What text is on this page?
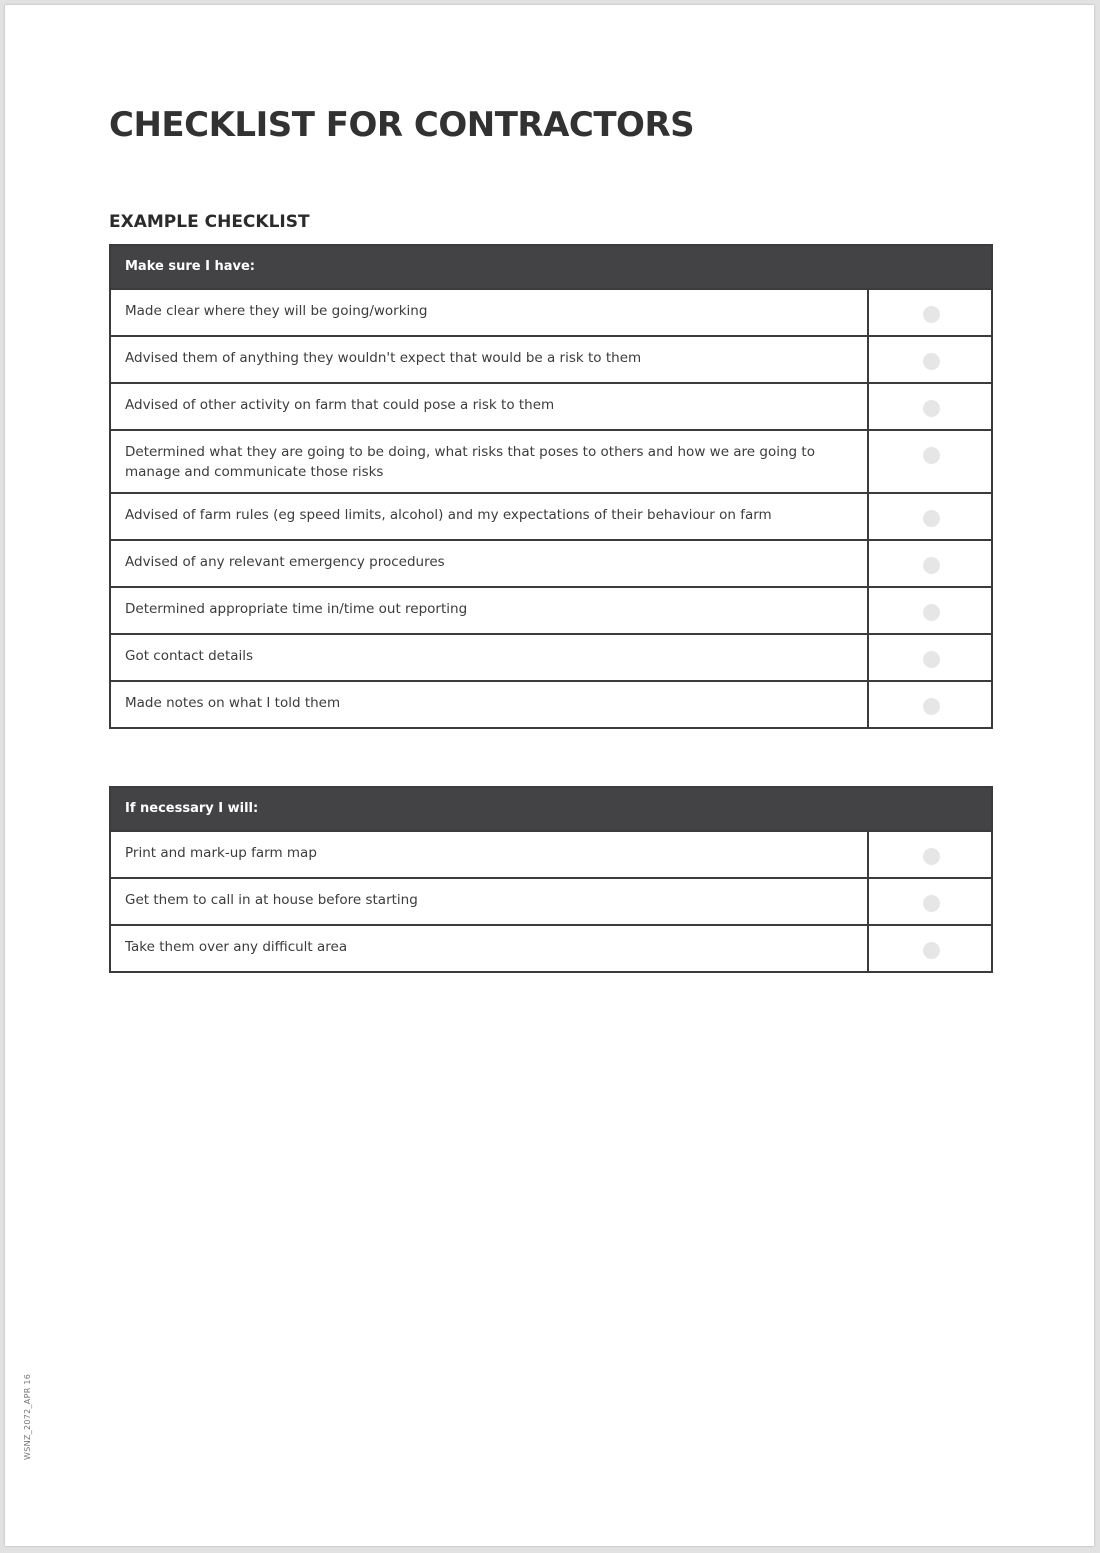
CHECKLIST FOR CONTRACTORS
EXAMPLE CHECKLIST
Make sure I have:
Made clear where they will be going/working
Advised them of anything they wouldn't expect that would be a risk to them
Advised of other activity on farm that could pose a risk to them
Determined what they are going to be doing, what risks that poses to others and how we are going to manage and communicate those risks
Advised of farm rules (eg speed limits, alcohol) and my expectations of their behaviour on farm
Advised of any relevant emergency procedures
Determined appropriate time in/time out reporting
Got contact details
Made notes on what I told them
If necessary I will:
Print and mark-up farm map
Get them to call in at house before starting
Take them over any difficult area
WSNZ_2072_APR 16
